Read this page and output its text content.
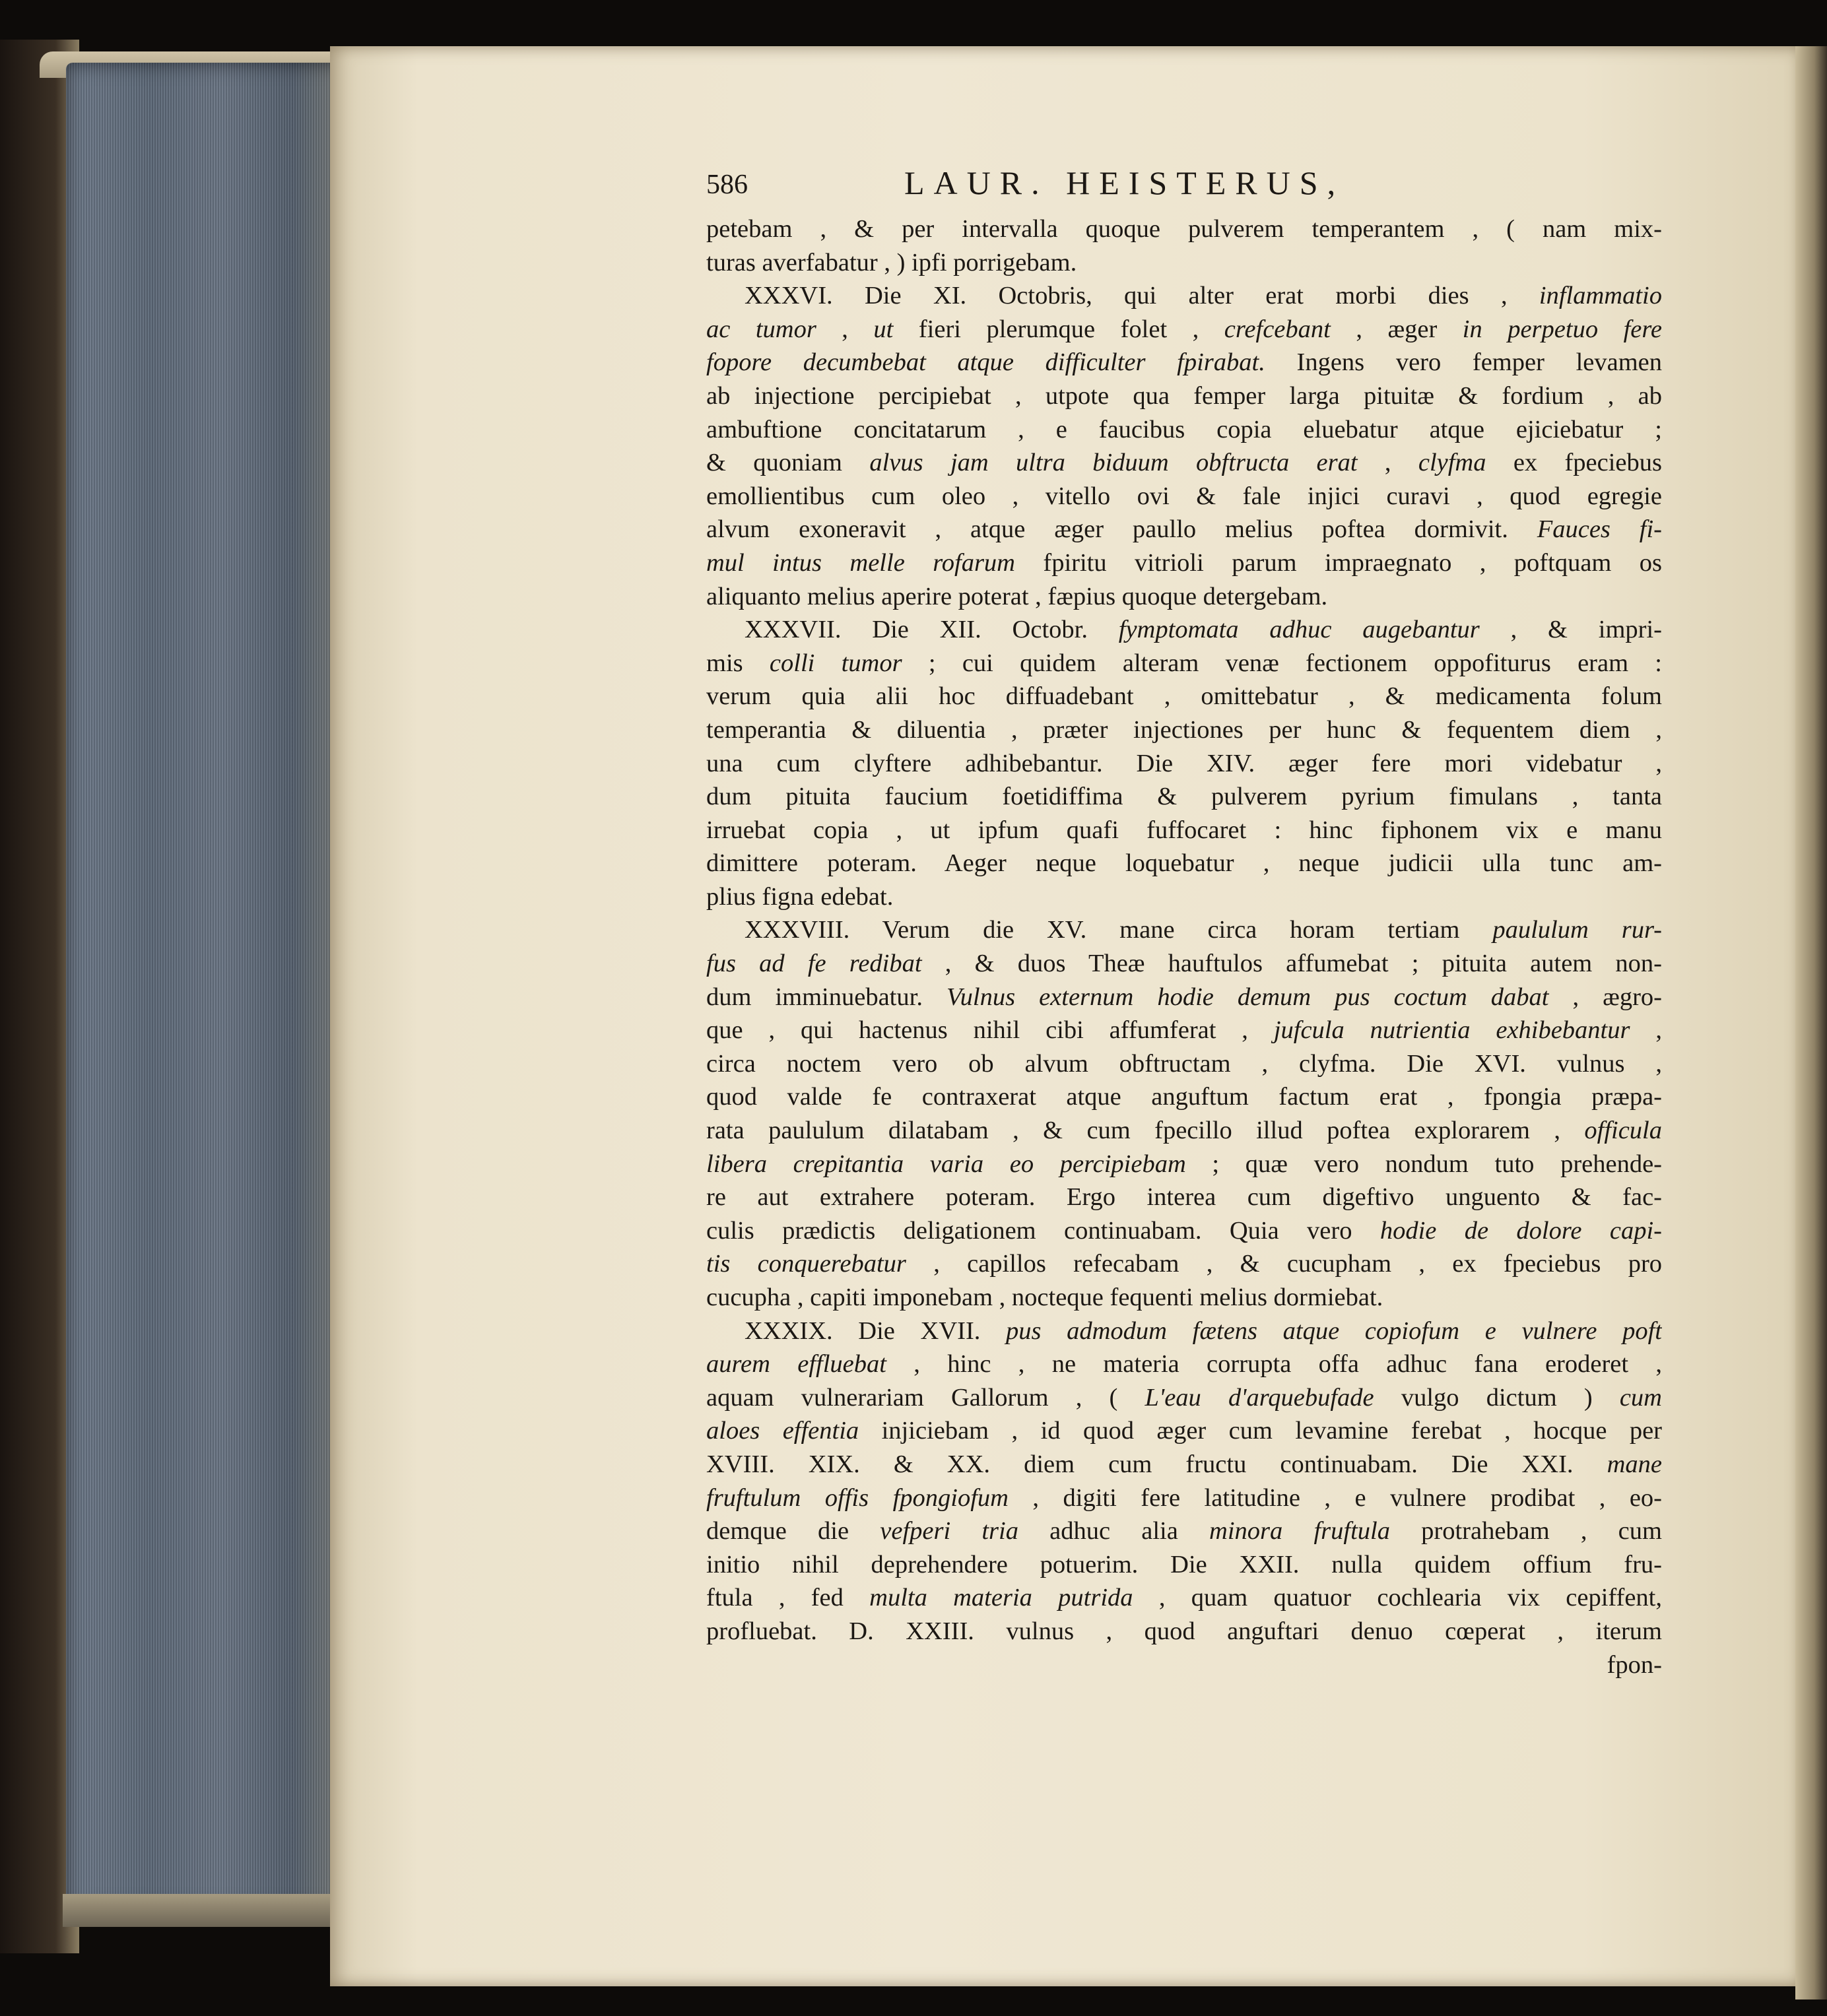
586	LAUR. HEISTERUS,
petebam , & per intervalla quoque pulverem temperantem , ( nam mix-
turas averfabatur , ) ipfi porrigebam.
XXXVI. Die XI. Octobris, qui alter erat morbi dies , inflammatio
ac tumor , ut fieri plerumque folet , crefcebant , æger in perpetuo fere
fopore decumbebat atque difficulter fpirabat. Ingens vero femper levamen
ab injectione percipiebat , utpote qua femper larga pituitæ & fordium , ab
ambuftione concitatarum , e faucibus copia eluebatur atque ejiciebatur ;
& quoniam alvus jam ultra biduum obftructa erat , clyfma ex fpeciebus
emollientibus cum oleo , vitello ovi & fale injici curavi , quod egregie
alvum exoneravit , atque æger paullo melius poftea dormivit. Fauces fi-
mul intus melle rofarum fpiritu vitrioli parum impraegnato , poftquam os
aliquanto melius aperire poterat , fæpius quoque detergebam.
XXXVII. Die XII. Octobr. fymptomata adhuc augebantur , & impri-
mis colli tumor ; cui quidem alteram venæ fectionem oppofiturus eram :
verum quia alii hoc diffuadebant , omittebatur , & medicamenta folum
temperantia & diluentia , præter injectiones per hunc & fequentem diem ,
una cum clyftere adhibebantur. Die XIV. æger fere mori videbatur ,
dum pituita faucium foetidiffima & pulverem pyrium fimulans , tanta
irruebat copia , ut ipfum quafi fuffocaret : hinc fiphonem vix e manu
dimittere poteram. Aeger neque loquebatur , neque judicii ulla tunc am-
plius figna edebat.
XXXVIII. Verum die XV. mane circa horam tertiam paululum rur-
fus ad fe redibat , & duos Theæ hauftulos affumebat ; pituita autem non-
dum imminuebatur. Vulnus externum hodie demum pus coctum dabat , ægro-
que , qui hactenus nihil cibi affumferat , jufcula nutrientia exhibebantur ,
circa noctem vero ob alvum obftructam , clyfma. Die XVI. vulnus ,
quod valde fe contraxerat atque anguftum factum erat , fpongia præpa-
rata paululum dilatabam , & cum fpecillo illud poftea explorarem , officula
libera crepitantia varia eo percipiebam ; quæ vero nondum tuto prehende-
re aut extrahere poteram. Ergo interea cum digeftivo unguento & fac-
culis prædictis deligationem continuabam. Quia vero hodie de dolore capi-
tis conquerebatur , capillos refecabam , & cucupham , ex fpeciebus pro
cucupha , capiti imponebam , nocteque fequenti melius dormiebat.
XXXIX. Die XVII. pus admodum fætens atque copiofum e vulnere poft
aurem effluebat , hinc , ne materia corrupta offa adhuc fana eroderet ,
aquam vulnerariam Gallorum , ( L'eau d'arquebufade vulgo dictum ) cum
aloes effentia injiciebam , id quod æger cum levamine ferebat , hocque per
XVIII. XIX. & XX. diem cum fructu continuabam. Die XXI. mane
fruftulum offis fpongiofum , digiti fere latitudine , e vulnere prodibat , eo-
demque die vefperi tria adhuc alia minora fruftula protrahebam , cum
initio nihil deprehendere potuerim. Die XXII. nulla quidem offium fru-
ftula , fed multa materia putrida , quam quatuor cochlearia vix cepiffent,
profluebat. D. XXIII. vulnus , quod anguftari denuo cœperat , iterum
fpon-
